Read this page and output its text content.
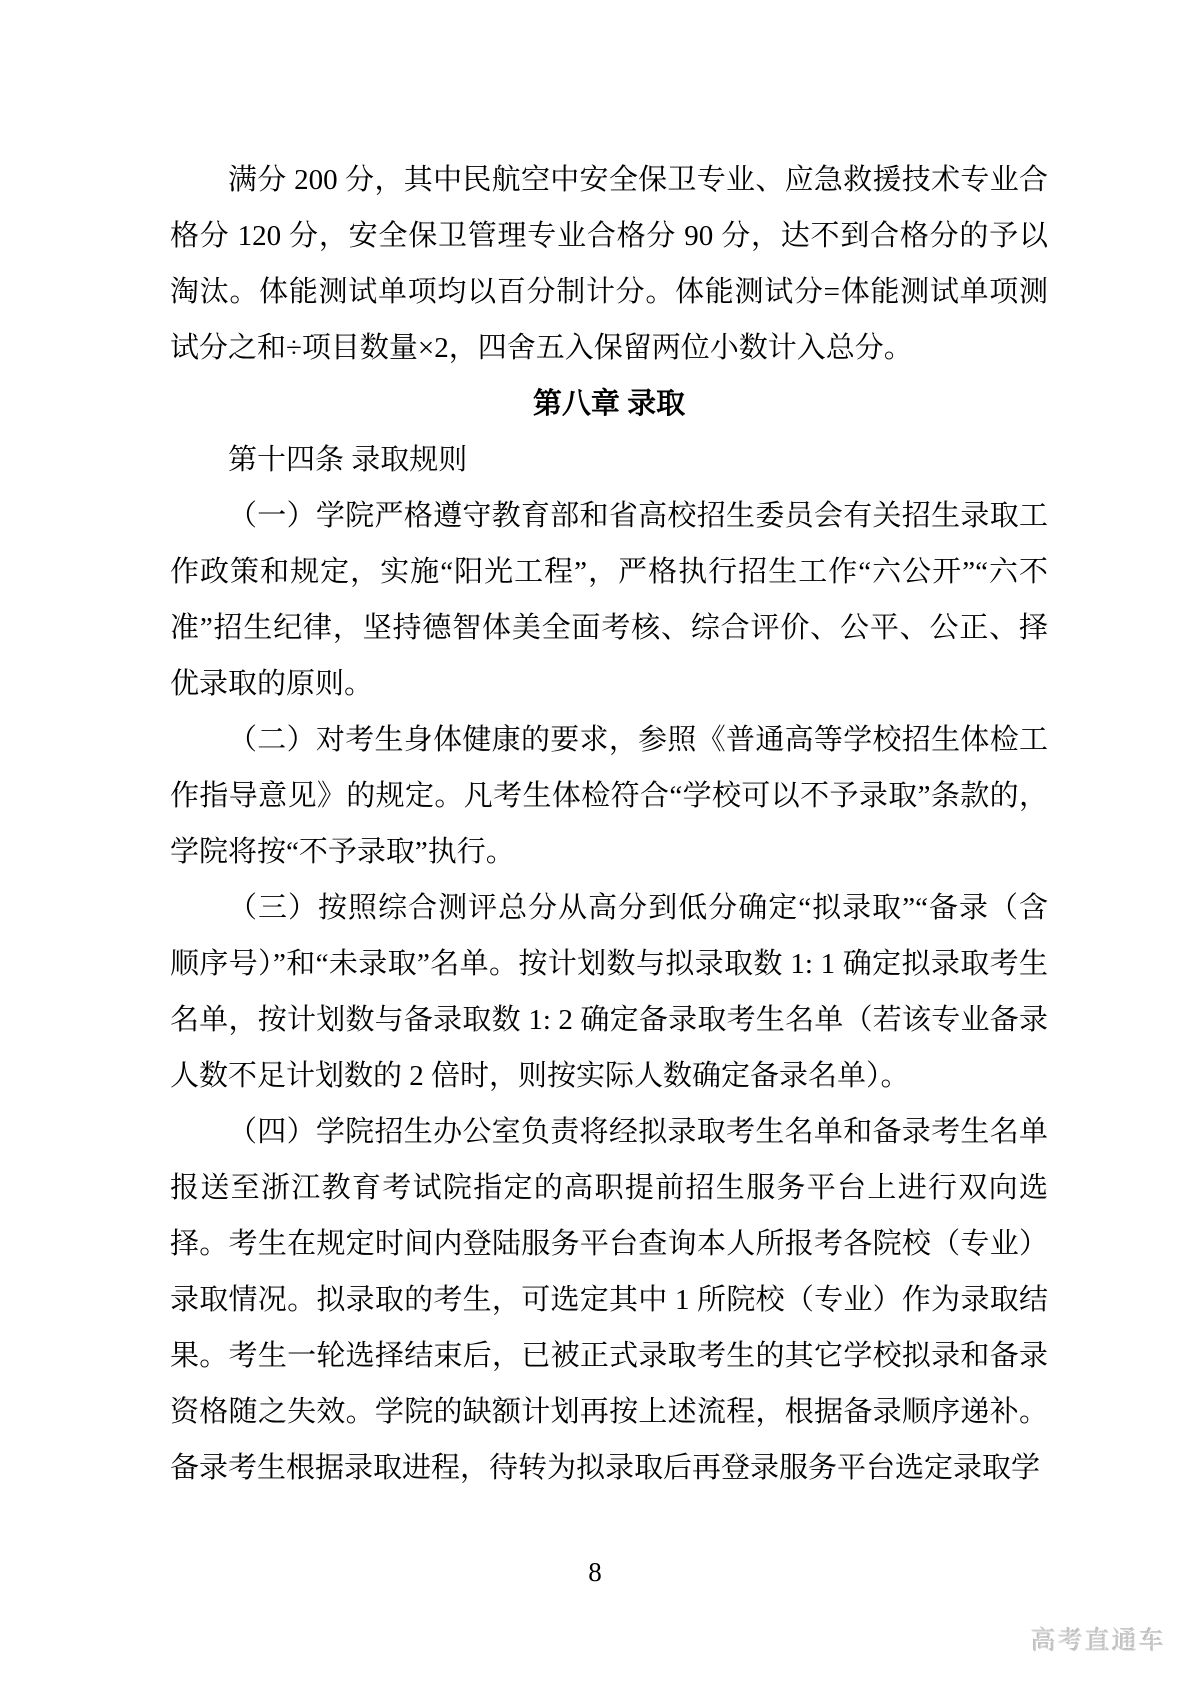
满分 200 分，其中民航空中安全保卫专业、应急救援技术专业合格分 120 分，安全保卫管理专业合格分 90 分，达不到合格分的予以淘汰。体能测试单项均以百分制计分。体能测试分=体能测试单项测试分之和÷项目数量×2，四舍五入保留两位小数计入总分。

第八章 录取

第十四条 录取规则

（一）学院严格遵守教育部和省高校招生委员会有关招生录取工作政策和规定，实施“阳光工程”，严格执行招生工作“六公开”“六不准”招生纪律，坚持德智体美全面考核、综合评价、公平、公正、择优录取的原则。

（二）对考生身体健康的要求，参照《普通高等学校招生体检工作指导意见》的规定。凡考生体检符合“学校可以不予录取”条款的，学院将按“不予录取”执行。

（三）按照综合测评总分从高分到低分确定“拟录取”“备录（含顺序号）”和“未录取”名单。按计划数与拟录取数 1: 1 确定拟录取考生名单，按计划数与备录取数 1: 2 确定备录取考生名单（若该专业备录人数不足计划数的 2 倍时，则按实际人数确定备录名单）。

（四）学院招生办公室负责将经拟录取考生名单和备录考生名单报送至浙江教育考试院指定的高职提前招生服务平台上进行双向选择。考生在规定时间内登陆服务平台查询本人所报考各院校（专业）录取情况。拟录取的考生，可选定其中 1 所院校（专业）作为录取结果。考生一轮选择结束后，已被正式录取考生的其它学校拟录和备录资格随之失效。学院的缺额计划再按上述流程，根据备录顺序递补。备录考生根据录取进程，待转为拟录取后再登录服务平台选定录取学

8
高考直通车
